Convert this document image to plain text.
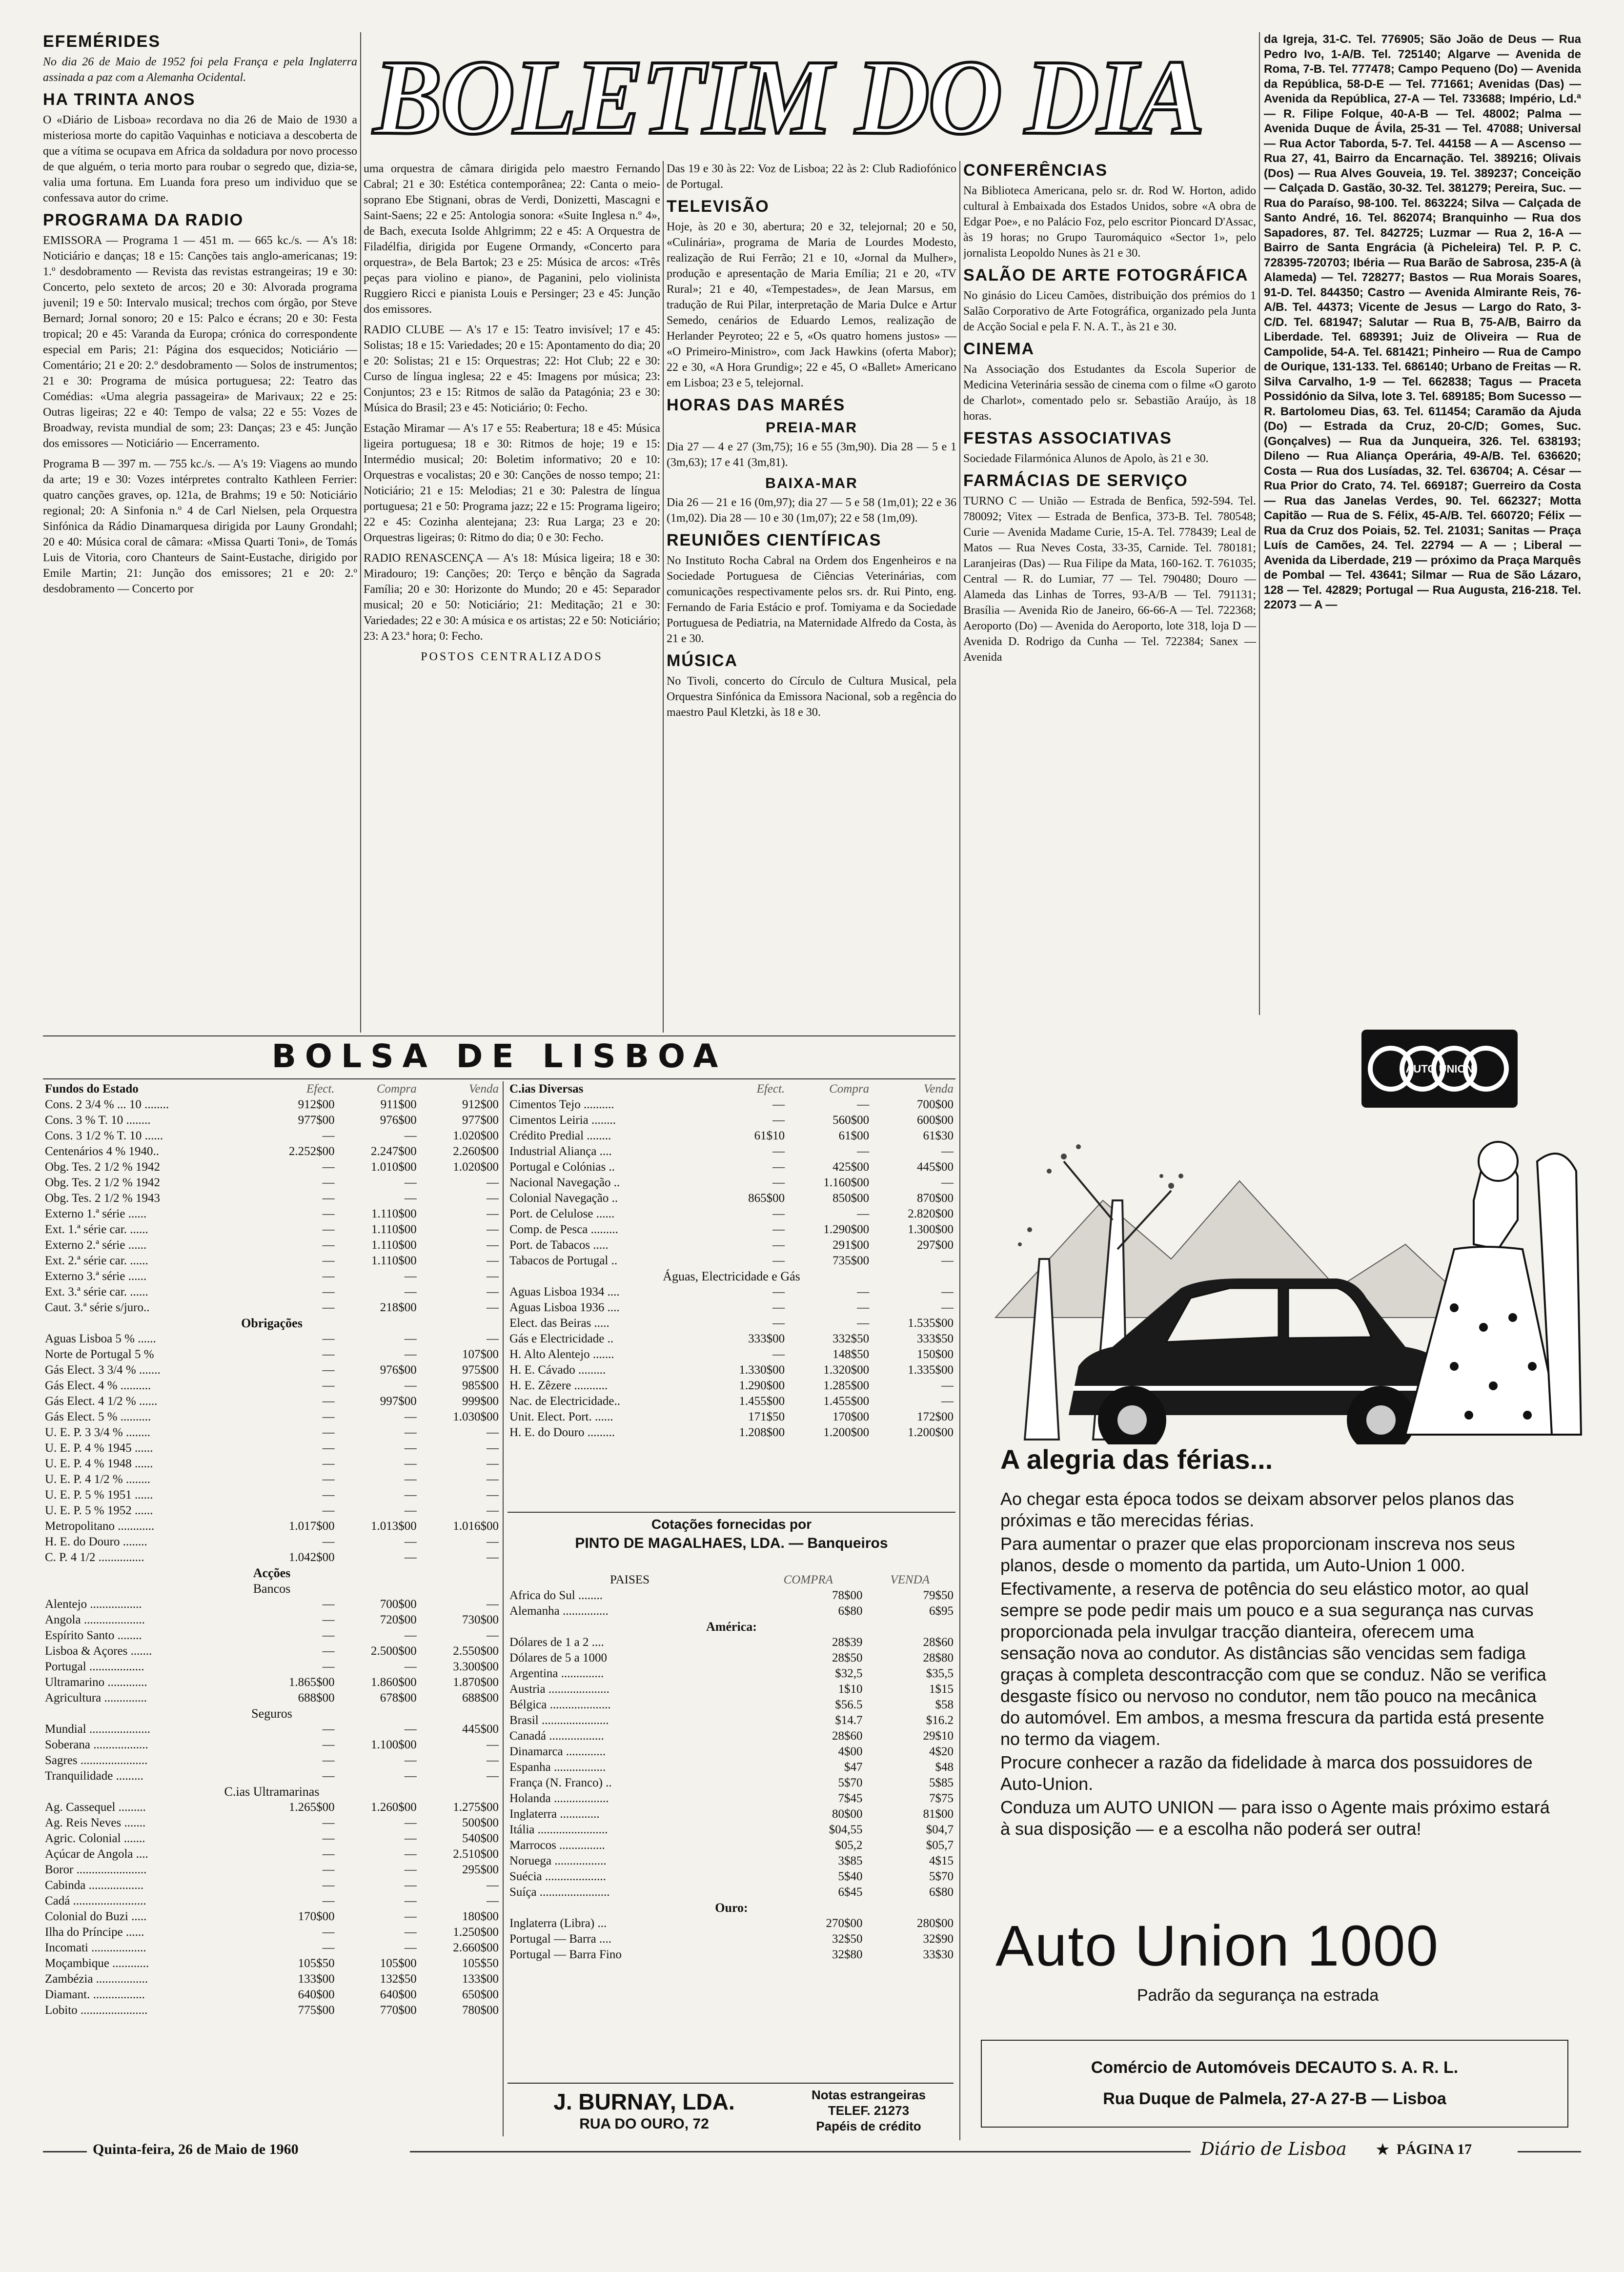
BOLETIM DO DIA
EFEMÉRIDES

No dia 26 de Maio de 1952 foi pela França e pela Inglaterra assinada a paz com a Alemanha Ocidental.

HA TRINTA ANOS

O «Diário de Lisboa» recordava no dia 26 de Maio de 1930 a misteriosa morte do capitão Vaquinhas e noticiava a descoberta de que a vítima se ocupava em Africa da soldadura por novo processo de que alguém, o teria morto para roubar o segredo que, dizia-se, valia uma fortuna. Em Luanda fora preso um individuo que se confessava autor do crime.

PROGRAMA DA RADIO

EMISSORA — Programa 1 — 451 m. — 665 kc./s. — A's 18: Noticiário e danças; 18 e 15: Canções tais anglo-americanas; 19: 1.º desdobramento — Revista das revistas estrangeiras; 19 e 30: Concerto, pelo sexteto de arcos; 20 e 30: Alvorada programa juvenil; 19 e 50: Intervalo musical; trechos com órgão, por Steve Bernard; Jornal sonoro; 20 e 15: Palco e écrans; 20 e 30: Festa tropical; 20 e 45: Varanda da Europa; crónica do correspondente especial em Paris; 21: Página dos esquecidos; Noticiário — Comentário; 21 e 20: 2.º desdobramento — Solos de instrumentos; 21 e 30: Programa de música portuguesa; 22: Teatro das Comédias: «Uma alegria passageira» de Marivaux; 22 e 25: Outras ligeiras; 22 e 40: Tempo de valsa; 22 e 55: Vozes de Broadway, revista mundial de som; 23: Danças; 23 e 45: Junção dos emissores — Noticiário — Encerramento.

Programa B — 397 m. — 755 kc./s. — A's 19: Viagens ao mundo da arte; 19 e 30: Vozes intérpretes contralto Kathleen Ferrier: quatro canções graves, op. 121a, de Brahms; 19 e 50: Noticiário regional; 20: A Sinfonia n.º 4 de Carl Nielsen, pela Orquestra Sinfónica da Rádio Dinamarquesa dirigida por Launy Grondahl; 20 e 40: Música coral de câmara: «Missa Quarti Toni», de Tomás Luis de Vitoria, coro Chanteurs de Saint-Eustache, dirigido por Emile Martin; 21: Junção dos emissores; 21 e 20: 2.º desdobramento — Concerto por

uma orquestra de câmara dirigida pelo maestro Fernando Cabral; 21 e 30: Estética contemporânea; 22: Canta o meio-soprano Ebe Stignani, obras de Verdi, Donizetti, Mascagni e Saint-Saens; 22 e 25: Antologia sonora: «Suite Inglesa n.º 4», de Bach, executa Isolde Ahlgrimm; 22 e 45: A Orquestra de Filadélfia, dirigida por Eugene Ormandy, «Concerto para orquestra», de Bela Bartok; 23 e 25: Música de arcos: «Três peças para violino e piano», de Paganini, pelo violinista Ruggiero Ricci e pianista Louis e Persinger; 23 e 45: Junção dos emissores.

RADIO CLUBE — A's 17 e 15: Teatro invisível; 17 e 45: Solistas; 18 e 15: Variedades; 20 e 15: Apontamento do dia; 20 e 20: Solistas; 21 e 15: Orquestras; 22: Hot Club; 22 e 30: Curso de língua inglesa; 22 e 45: Imagens por música; 23: Conjuntos; 23 e 15: Ritmos de salão da Patagónia; 23 e 30: Música do Brasil; 23 e 45: Noticiário; 0: Fecho.

Estação Miramar — A's 17 e 55: Reabertura; 18 e 45: Música ligeira portuguesa; 18 e 30: Ritmos de hoje; 19 e 15: Intermédio musical; 20: Boletim informativo; 20 e 10: Orquestras e vocalistas; 20 e 30: Canções de nosso tempo; 21: Noticiário; 21 e 15: Melodias; 21 e 30: Palestra de língua portuguesa; 21 e 50: Programa jazz; 22 e 15: Programa ligeiro; 22 e 45: Cozinha alentejana; 23: Rua Larga; 23 e 20: Orquestras ligeiras; 0: Ritmo do dia; 0 e 30: Fecho.

RADIO RENASCENÇA — A's 18: Música ligeira; 18 e 30: Miradouro; 19: Canções; 20: Terço e bênção da Sagrada Família; 20 e 30: Horizonte do Mundo; 20 e 45: Separador musical; 20 e 50: Noticiário; 21: Meditação; 21 e 30: Variedades; 22 e 30: A música e os artistas; 22 e 50: Noticiário; 23: A 23.ª hora; 0: Fecho.

POSTOS CENTRALIZADOS

Das 19 e 30 às 22: Voz de Lisboa; 22 às 2: Club Radiofónico de Portugal.

TELEVISÃO

Hoje, às 20 e 30, abertura; 20 e 32, telejornal; 20 e 50, «Culinária», programa de Maria de Lourdes Modesto, realização de Rui Ferrão; 21 e 10, «Jornal da Mulher», produção e apresentação de Maria Emília; 21 e 20, «TV Rural»; 21 e 40, «Tempestades», de Jean Marsus, em tradução de Rui Pilar, interpretação de Maria Dulce e Artur Semedo, cenários de Eduardo Lemos, realização de Herlander Peyroteo; 22 e 5, «Os quatro homens justos» — «O Primeiro-Ministro», com Jack Hawkins (oferta Mabor); 22 e 30, «A Hora Grundig»; 22 e 45, O «Ballet» Americano em Lisboa; 23 e 5, telejornal.

HORAS DAS MARÉS
PREIA-MAR

Dia 27 — 4 e 27 (3m,75); 16 e 55 (3m,90). Dia 28 — 5 e 1 (3m,63); 17 e 41 (3m,81).

BAIXA-MAR

Dia 26 — 21 e 16 (0m,97); dia 27 — 5 e 58 (1m,01); 22 e 36 (1m,02). Dia 28 — 10 e 30 (1m,07); 22 e 58 (1m,09).

REUNIÕES CIENTÍFICAS

No Instituto Rocha Cabral na Ordem dos Engenheiros e na Sociedade Portuguesa de Ciências Veterinárias, com comunicações respectivamente pelos srs. dr. Rui Pinto, eng. Fernando de Faria Estácio e prof. Tomiyama e da Sociedade Portuguesa de Pediatria, na Maternidade Alfredo da Costa, às 21 e 30.

MÚSICA

No Tivoli, concerto do Círculo de Cultura Musical, pela Orquestra Sinfónica da Emissora Nacional, sob a regência do maestro Paul Kletzki, às 18 e 30.

CONFERÊNCIAS

Na Biblioteca Americana, pelo sr. dr. Rod W. Horton, adido cultural à Embaixada dos Estados Unidos, sobre «A obra de Edgar Poe», e no Palácio Foz, pelo escritor Pioncard D'Assac, às 19 horas; no Grupo Tauromáquico «Sector 1», pelo jornalista Leopoldo Nunes às 21 e 30.

SALÃO DE ARTE FOTOGRÁFICA

No ginásio do Liceu Camões, distribuição dos prémios do 1 Salão Corporativo de Arte Fotográfica, organizado pela Junta de Acção Social e pela F. N. A. T., às 21 e 30.

CINEMA

Na Associação dos Estudantes da Escola Superior de Medicina Veterinária sessão de cinema com o filme «O garoto de Charlot», comentado pelo sr. Sebastião Araújo, às 18 horas.

FESTAS ASSOCIATIVAS

Sociedade Filarmónica Alunos de Apolo, às 21 e 30.

FARMÁCIAS DE SERVIÇO

TURNO C — União — Estrada de Benfica, 592-594. Tel. 780092; Vitex — Estrada de Benfica, 373-B. Tel. 780548; Curie — Avenida Madame Curie, 15-A. Tel. 778439; Leal de Matos — Rua Neves Costa, 33-35, Carnide. Tel. 780181; Laranjeiras (Das) — Rua Filipe da Mata, 160-162. T. 761035; Central — R. do Lumiar, 77 — Tel. 790480; Douro — Alameda das Linhas de Torres, 93-A/B — Tel. 791131; Brasília — Avenida Rio de Janeiro, 66-66-A — Tel. 722368; Aeroporto (Do) — Avenida do Aeroporto, lote 318, loja D — Avenida D. Rodrigo da Cunha — Tel. 722384; Sanex — Avenida

da Igreja, 31-C. Tel. 776905; São João de Deus — Rua Pedro Ivo, 1-A/B. Tel. 725140; Algarve — Avenida de Roma, 7-B. Tel. 777478; Campo Pequeno (Do) — Avenida da República, 58-D-E — Tel. 771661; Avenidas (Das) — Avenida da República, 27-A — Tel. 733688; Império, Ld.ª — R. Filipe Folque, 40-A-B — Tel. 48002; Palma — Avenida Duque de Ávila, 25-31 — Tel. 47088; Universal — Rua Actor Taborda, 5-7. Tel. 44158 — A — Ascenso — Rua 27, 41, Bairro da Encarnação. Tel. 389216; Olivais (Dos) — Rua Alves Gouveia, 19. Tel. 389237; Conceição — Calçada D. Gastão, 30-32. Tel. 381279; Pereira, Suc. — Rua do Paraíso, 98-100. Tel. 863224; Silva — Calçada de Santo André, 16. Tel. 862074; Branquinho — Rua dos Sapadores, 87. Tel. 842725; Luzmar — Rua 2, 16-A — Bairro de Santa Engrácia (à Picheleira) Tel. P. P. C. 728395-720703; Ibéria — Rua Barão de Sabrosa, 235-A (à Alameda) — Tel. 728277; Bastos — Rua Morais Soares, 91-D. Tel. 844350; Castro — Avenida Almirante Reis, 76-A/B. Tel. 44373; Vicente de Jesus — Largo do Rato, 3-C/D. Tel. 681947; Salutar — Rua B, 75-A/B, Bairro da Liberdade. Tel. 689391; Juiz de Oliveira — Rua de Campolide, 54-A. Tel. 681421; Pinheiro — Rua de Campo de Ourique, 131-133. Tel. 686140; Urbano de Freitas — R. Silva Carvalho, 1-9 — Tel. 662838; Tagus — Praceta Possidónio da Silva, lote 3. Tel. 689185; Bom Sucesso — R. Bartolomeu Dias, 63. Tel. 611454; Caramão da Ajuda (Do) — Estrada da Cruz, 20-C/D; Gomes, Suc. (Gonçalves) — Rua da Junqueira, 326. Tel. 638193; Dileno — Rua Aliança Operária, 49-A/B. Tel. 636620; Costa — Rua dos Lusíadas, 32. Tel. 636704; A. César — Rua Prior do Crato, 74. Tel. 669187; Guerreiro da Costa — Rua das Janelas Verdes, 90. Tel. 662327; Motta Capitão — Rua de S. Félix, 45-A/B. Tel. 660720; Félix — Rua da Cruz dos Poiais, 52. Tel. 21031; Sanitas — Praça Luís de Camões, 24. Tel. 22794 — A — ; Liberal — Avenida da Liberdade, 219 — próximo da Praça Marquês de Pombal — Tel. 43641; Silmar — Rua de São Lázaro, 128 — Tel. 42829; Portugal — Rua Augusta, 216-218. Tel. 22073 — A —

BOLSA DE LISBOA
Fundos do Estado	Efect.	Compra	Venda
Cons. 2 3/4 % ... 10 ........	912$00	911$00	912$00
Cons. 3 % T. 10 ........	977$00	976$00	977$00
Cons. 3 1/2 % T. 10 ......	—	—	1.020$00
Centenários 4 % 1940..	2.252$00	2.247$00	2.260$00
Obg. Tes. 2 1/2 % 1942	—	1.010$00	1.020$00
Obg. Tes. 2 1/2 % 1942	—	—	—
Obg. Tes. 2 1/2 % 1943	—	—	—
Externo 1.ª série ......	—	1.110$00	—
Ext. 1.ª série car. ......	—	1.110$00	—
Externo 2.ª série ......	—	1.110$00	—
Ext. 2.ª série car. ......	—	1.110$00	—
Externo 3.ª série ......	—	—	—
Ext. 3.ª série car. ......	—	—	—
Caut. 3.ª série s/juro..	—	218$00	—
Obrigações			
Aguas Lisboa 5 % ......	—	—	—
Norte de Portugal 5 %	—	—	107$00
Gás Elect. 3 3/4 % .......	—	976$00	975$00
Gás Elect. 4 % ..........	—	—	985$00
Gás Elect. 4 1/2 % ......	—	997$00	999$00
Gás Elect. 5 % ..........	—	—	1.030$00
U. E. P. 3 3/4 % ........	—	—	—
U. E. P. 4 % 1945 ......	—	—	—
U. E. P. 4 % 1948 ......	—	—	—
U. E. P. 4 1/2 % ........	—	—	—
U. E. P. 5 % 1951 ......	—	—	—
U. E. P. 5 % 1952 ......	—	—	—
Metropolitano ............	1.017$00	1.013$00	1.016$00
H. E. do Douro ........	—	—	—
C. P. 4 1/2 ...............	1.042$00	—	—
Acções			
Bancos			
Alentejo .................	—	700$00	—
Angola ....................	—	720$00	730$00
Espírito Santo ........	—	—	—
Lisboa & Açores .......	—	2.500$00	2.550$00
Portugal ..................	—	—	3.300$00
Ultramarino .............	1.865$00	1.860$00	1.870$00
Agricultura ..............	688$00	678$00	688$00
Seguros			
Mundial ....................	—	—	445$00
Soberana ..................	—	1.100$00	—
Sagres ......................	—	—	—
Tranquilidade .........	—	—	—
C.ias Ultramarinas			
Ag. Cassequel .........	1.265$00	1.260$00	1.275$00
Ag. Reis Neves .......	—	—	500$00
Agric. Colonial .......	—	—	540$00
Açúcar de Angola ....	—	—	2.510$00
Boror .......................	—	—	295$00
Cabinda ..................	—	—	—
Cadá ........................	—	—	—
Colonial do Buzi .....	170$00	—	180$00
Ilha do Príncipe ......	—	—	1.250$00
Incomati ..................	—	—	2.660$00
Moçambique ............	105$50	105$00	105$50
Zambézia .................	133$00	132$50	133$00
Diamant. .................	640$00	640$00	650$00
Lobito ......................	775$00	770$00	780$00
C.ias Diversas	Efect.	Compra	Venda
Cimentos Tejo ..........	—	—	700$00
Cimentos Leiria ........	—	560$00	600$00
Crédito Predial ........	61$10	61$00	61$30
Industrial Aliança ....	—	—	—
Portugal e Colónias ..	—	425$00	445$00
Nacional Navegação ..	—	1.160$00	—
Colonial Navegação ..	865$00	850$00	870$00
Port. de Celulose ......	—	—	2.820$00
Comp. de Pesca .........	—	1.290$00	1.300$00
Port. de Tabacos .....	—	291$00	297$00
Tabacos de Portugal ..	—	735$00	—
Águas, Electricidade e Gás			
Aguas Lisboa 1934 ....	—	—	—
Aguas Lisboa 1936 ....	—	—	—
Elect. das Beiras .....	—	—	1.535$00
Gás e Electricidade ..	333$00	332$50	333$50
H. Alto Alentejo .......	—	148$50	150$00
H. E. Cávado .........	1.330$00	1.320$00	1.335$00
H. E. Zêzere ...........	1.290$00	1.285$00	—
Nac. de Electricidade..	1.455$00	1.455$00	—
Unit. Elect. Port. ......	171$50	170$00	172$00
H. E. do Douro .........	1.208$00	1.200$00	1.200$00
Cotações fornecidas por
PINTO DE MAGALHAES, LDA. — Banqueiros
PAISES	COMPRA	VENDA
Africa do Sul ........	78$00	79$50
Alemanha ...............	6$80	6$95
América:		
Dólares de 1 a 2 ....	28$39	28$60
Dólares de 5 a 1000	28$50	28$80
Argentina ..............	$32,5	$35,5
Austria ....................	1$10	1$15
Bélgica ....................	$56.5	$58
Brasil ......................	$14.7	$16.2
Canadá ..................	28$60	29$10
Dinamarca .............	4$00	4$20
Espanha .................	$47	$48
França (N. Franco) ..	5$70	5$85
Holanda ..................	7$45	7$75
Inglaterra .............	80$00	81$00
Itália .......................	$04,55	$04,7
Marrocos ...............	$05,2	$05,7
Noruega .................	3$85	4$15
Suécia ....................	5$40	5$70
Suíça .......................	6$45	6$80
Ouro:		
Inglaterra (Libra) ...	270$00	280$00
Portugal — Barra ....	32$50	32$90
Portugal — Barra Fino	32$80	33$30
J. BURNAY, LDA.
RUA DO OURO, 72
Notas estrangeiras
TELEF. 21273
Papéis de crédito
AUTO UNION
A alegria das férias...

Ao chegar esta época todos se deixam absorver pelos planos das próximas e tão merecidas férias.

Para aumentar o prazer que elas proporcionam inscreva nos seus planos, desde o momento da partida, um Auto-Union 1 000.

Efectivamente, a reserva de potência do seu elástico motor, ao qual sempre se pode pedir mais um pouco e a sua segurança nas curvas proporcionada pela invulgar tracção dianteira, oferecem uma sensação nova ao condutor. As distâncias são vencidas sem fadiga graças à completa descontracção com que se conduz. Não se verifica desgaste físico ou nervoso no condutor, nem tão pouco na mecânica do automóvel. Em ambos, a mesma frescura da partida está presente no termo da viagem.

Procure conhecer a razão da fidelidade à marca dos possuidores de Auto-Union.

Conduza um AUTO UNION — para isso o Agente mais próximo estará à sua disposição — e a escolha não poderá ser outra!

Auto Union 1000
Padrão da segurança na estrada
Comércio de Automóveis DECAUTO S. A. R. L.
Rua Duque de Palmela, 27-A 27-B — Lisboa
Quinta-feira, 26 de Maio de 1960	Diário de Lisboa	★ PÁGINA 17
